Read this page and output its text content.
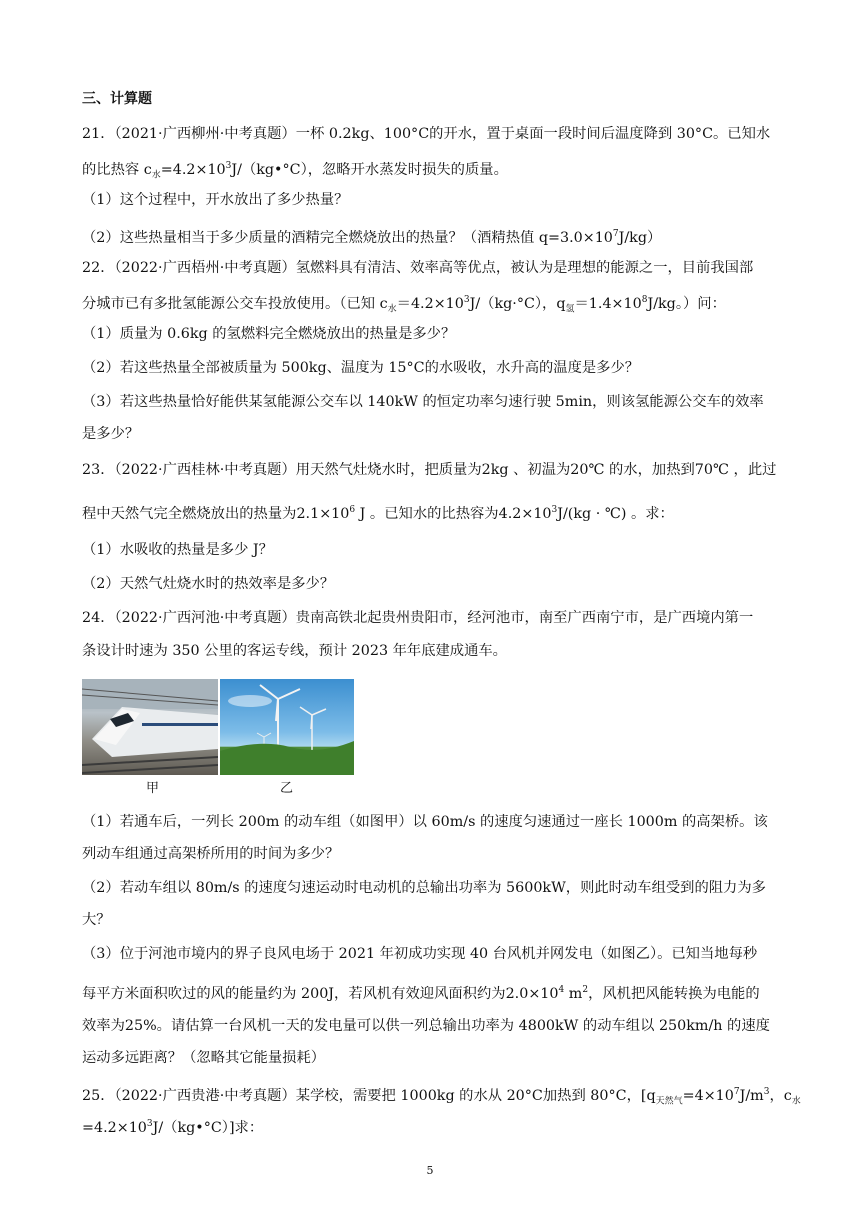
三、计算题
21．（2021·广西柳州·中考真题）一杯 0.2kg、100°C的开水，置于桌面一段时间后温度降到 30°C。已知水
的比热容 $c_水=4.2\times 10^3J/(kg•^\circ C)$，忽略开水蒸发时损失的质量。
（1）这个过程中，开水放出了多少热量？
（2）这些热量相当于多少质量的酒精完全燃烧放出的热量？（酒精热值 $q=3.0\times 10^7J/kg$）
22．（2022·广西梧州·中考真题）氢燃料具有清洁、效率高等优点，被认为是理想的能源之一，目前我国部
分城市已有多批氢能源公交车投放使用。（已知 $c_水=4.2\times 10^3J/(kg\cdot^\circ C)$，$q_氢=1.4\times 10^8J/kg$。）问：
（1）质量为 0.6kg 的氢燃料完全燃烧放出的热量是多少？
（2）若这些热量全部被质量为 500kg、温度为 15°C的水吸收，水升高的温度是多少？
（3）若这些热量恰好能供某氢能源公交车以 140kW 的恒定功率匀速行驶 5min，则该氢能源公交车的效率
是多少？
23．（2022·广西桂林·中考真题）用天然气灶烧水时，把质量为2kg 、初温为20℃ 的水，加热到70℃ ，此过
程中天然气完全燃烧放出的热量为$2.1\times 10^6$ J 。已知水的比热容为$4.2\times 10^3J/(kg$ · ℃) 。求：
（1）水吸收的热量是多少 J？
（2）天然气灶烧水时的热效率是多少？
24．（2022·广西河池·中考真题）贵南高铁北起贵州贵阳市，经河池市，南至广西南宁市，是广西境内第一
条设计时速为 350 公里的客运专线，预计 2023 年年底建成通车。
甲	乙
（1）若通车后，一列长 200m 的动车组（如图甲）以 60m/s 的速度匀速通过一座长 1000m 的高架桥。该
列动车组通过高架桥所用的时间为多少？
（2）若动车组以 80m/s 的速度匀速运动时电动机的总输出功率为 5600kW，则此时动车组受到的阻力为多
大？
（3）位于河池市境内的界子良风电场于 2021 年初成功实现 40 台风机并网发电（如图乙）。已知当地每秒
每平方米面积吹过的风的能量约为 200J，若风机有效迎风面积约为$2.0\times 10^4$ $m^2$，风机把风能转换为电能的
效率为25%。请估算一台风机一天的发电量可以供一列总输出功率为 4800kW 的动车组以 250km/h 的速度
运动多远距离？（忽略其它能量损耗）
25．（2022·广西贵港·中考真题）某学校，需要把 1000kg 的水从 20°C加热到 80°C，[$q_{天然气}=4\times 10^7J/m^3$，$c_水$
$=4.2\times 10^3J/(kg•^\circ C)$]求：
5
